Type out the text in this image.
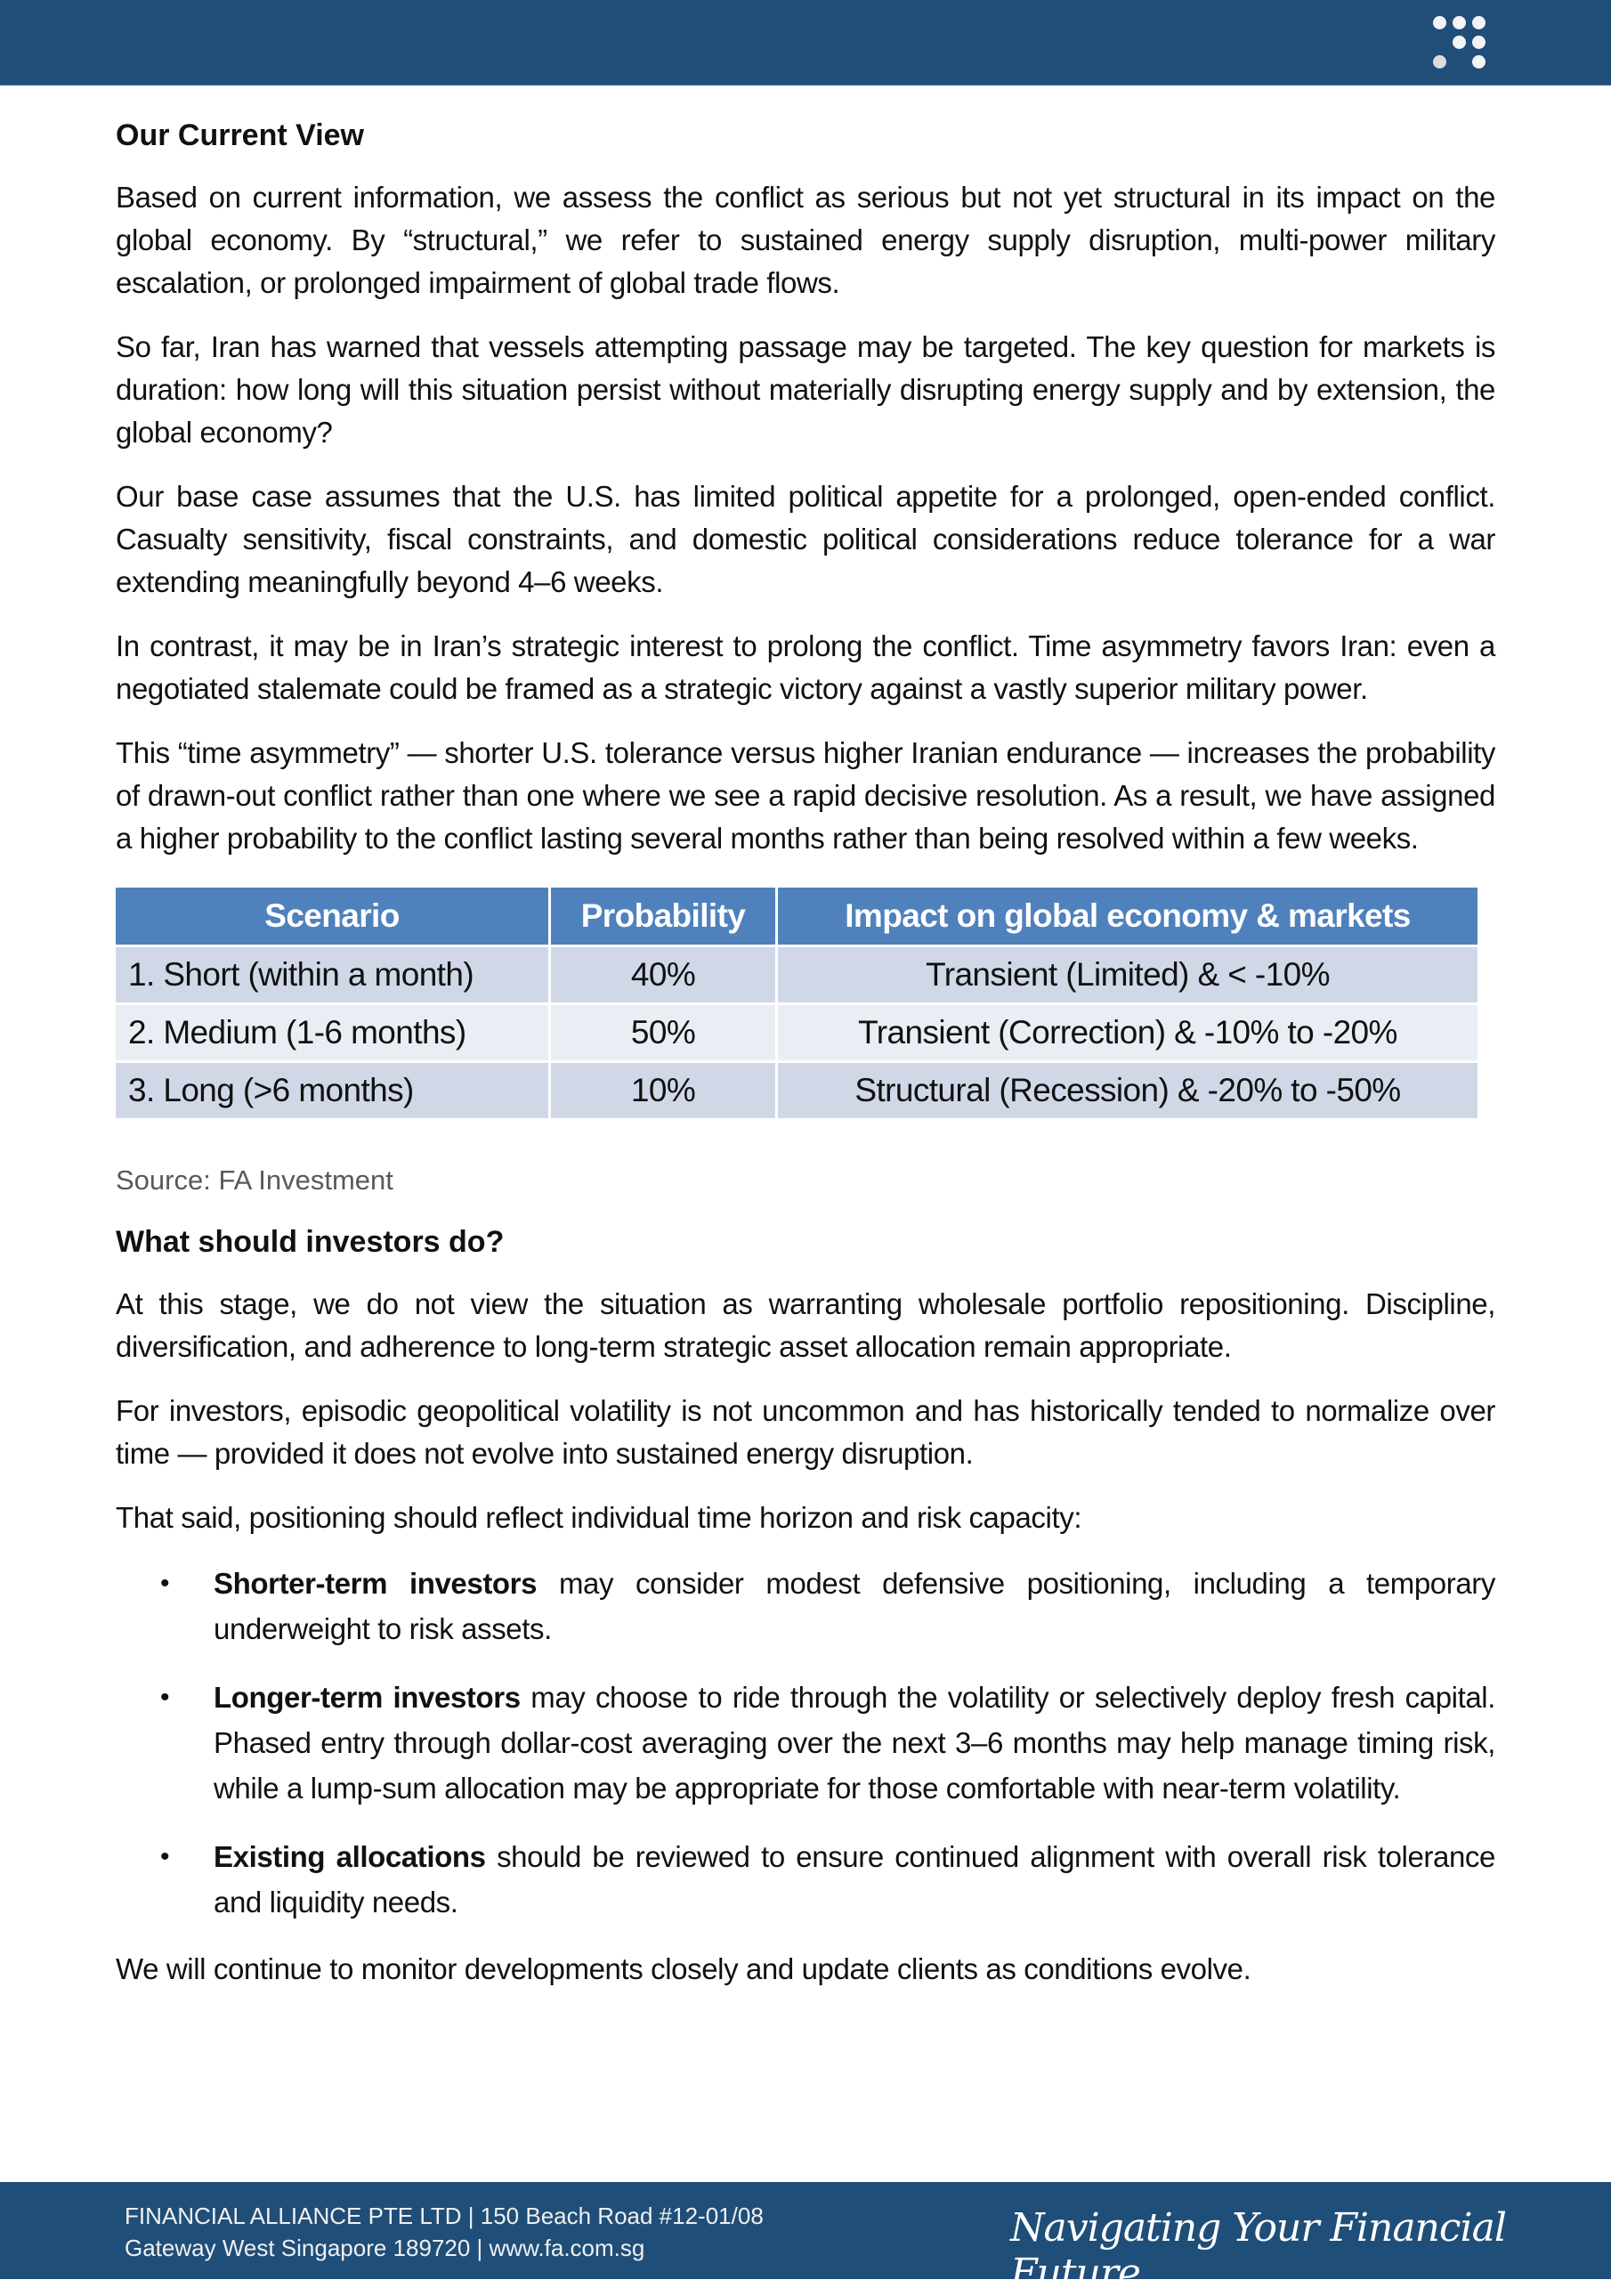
Our Current View

Based on current information, we assess the conflict as serious but not yet structural in its impact on the global economy. By “structural,” we refer to sustained energy supply disruption, multi-power military escalation, or prolonged impairment of global trade flows.

So far, Iran has warned that vessels attempting passage may be targeted. The key question for markets is duration: how long will this situation persist without materially disrupting energy supply and by extension, the global economy?

Our base case assumes that the U.S. has limited political appetite for a prolonged, open-ended conflict. Casualty sensitivity, fiscal constraints, and domestic political considerations reduce tolerance for a war extending meaningfully beyond 4–6 weeks.

In contrast, it may be in Iran’s strategic interest to prolong the conflict. Time asymmetry favors Iran: even a negotiated stalemate could be framed as a strategic victory against a vastly superior military power.

This “time asymmetry” — shorter U.S. tolerance versus higher Iranian endurance — increases the probability of drawn-out conflict rather than one where we see a rapid decisive resolution. As a result, we have assigned a higher probability to the conflict lasting several months rather than being resolved within a few weeks.

Scenario	Probability	Impact on global economy & markets
1. Short (within a month)	40%	Transient (Limited) & < -10%
2. Medium (1-6 months)	50%	Transient (Correction) & -10% to -20%
3. Long (>6 months)	10%	Structural (Recession) & -20% to -50%
Source: FA Investment
What should investors do?

At this stage, we do not view the situation as warranting wholesale portfolio repositioning. Discipline, diversification, and adherence to long-term strategic asset allocation remain appropriate.

For investors, episodic geopolitical volatility is not uncommon and has historically tended to normalize over time — provided it does not evolve into sustained energy disruption.

That said, positioning should reflect individual time horizon and risk capacity:

• Shorter-term investors may consider modest defensive positioning, including a temporary underweight to risk assets.
• Longer-term investors may choose to ride through the volatility or selectively deploy fresh capital. Phased entry through dollar-cost averaging over the next 3–6 months may help manage timing risk, while a lump-sum allocation may be appropriate for those comfortable with near-term volatility.
• Existing allocations should be reviewed to ensure continued alignment with overall risk tolerance and liquidity needs.

We will continue to monitor developments closely and update clients as conditions evolve.

FINANCIAL ALLIANCE PTE LTD | 150 Beach Road #12-01/08
Gateway West Singapore 189720 | www.fa.com.sg	Navigating Your Financial Future
